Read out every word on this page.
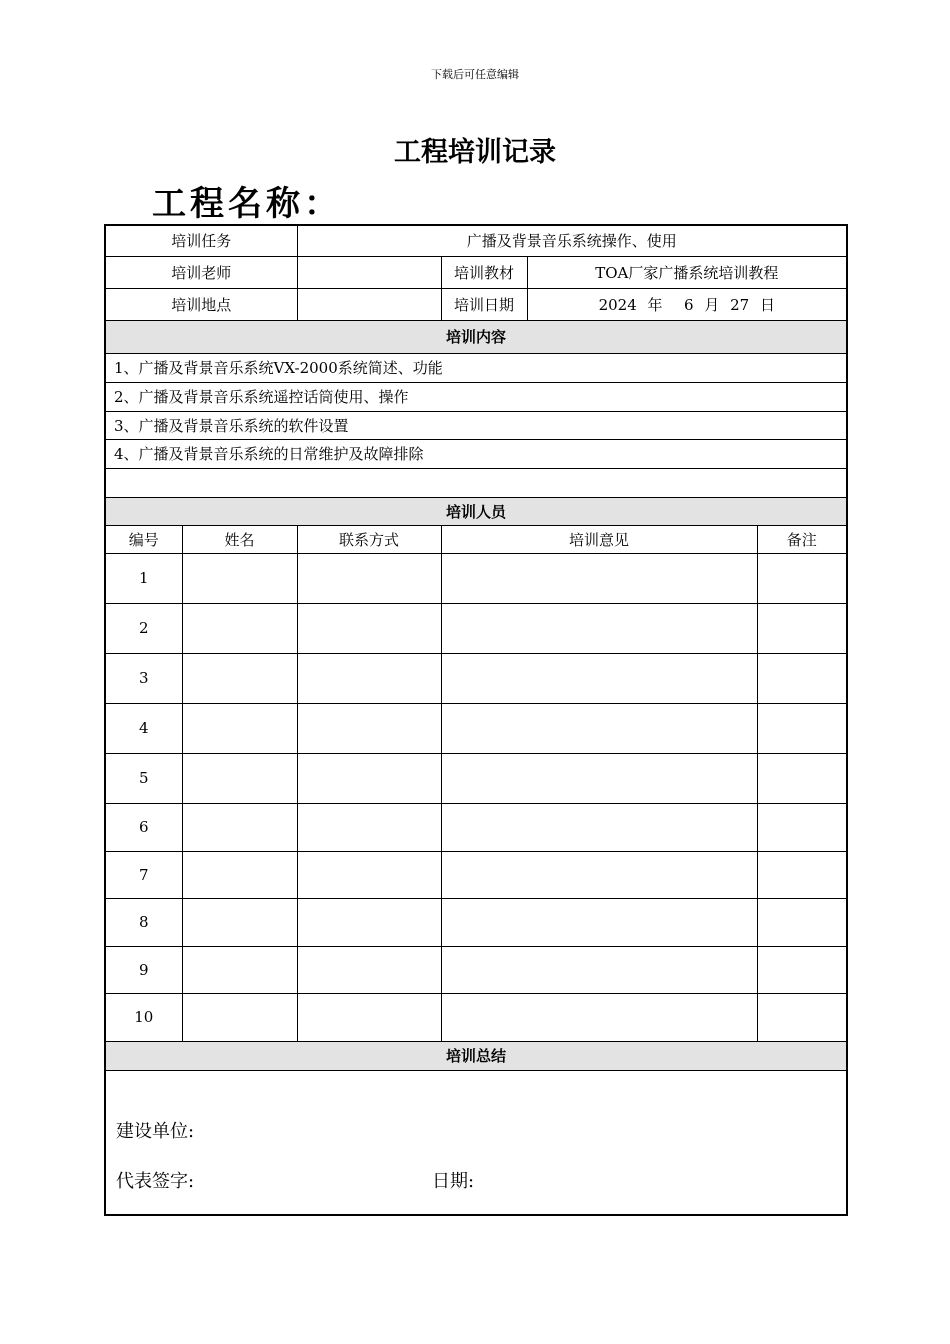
下载后可任意编辑
工程培训记录
工程名称：
培训任务		广播及背景音乐系统操作、使用			
培训老师			培训教材	TOA厂家广播系统培训教程	
培训地点			培训日期	2024 年  6 月 27 日	
培训内容					
1、广播及背景音乐系统VX-2000系统简述、功能					
2、广播及背景音乐系统遥控话筒使用、操作					
3、广播及背景音乐系统的软件设置					
4、广播及背景音乐系统的日常维护及故障排除					

培训人员					
编号	姓名	联系方式	培训意见		备注
1					
2					
3					
4					
5					
6					
7					
8					
9					
10					
培训总结					

建设单位:
代表签字: 日期:					
